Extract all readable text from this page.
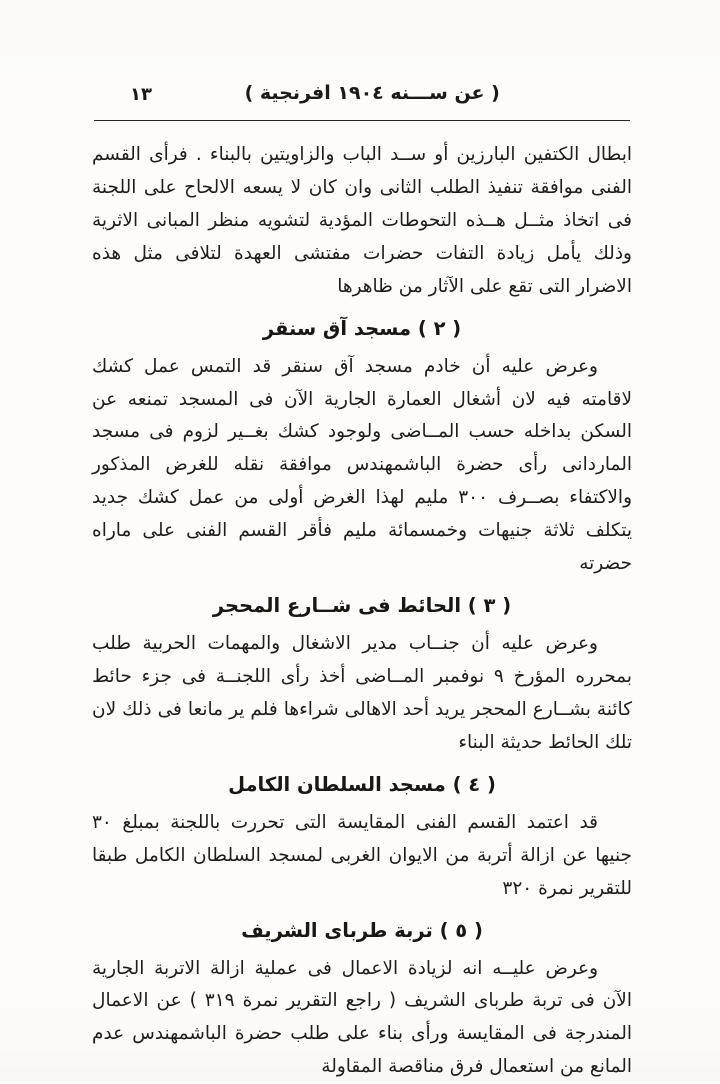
١٣	( عن ســـنه ١٩٠٤ افرنجية )

ابطال الكتفين البارزين أو ســد الباب والزاويتين بالبناء . فرأى القسم الفنى موافقة تنفيذ الطلب الثانى وان كان لا يسعه الالحاح على اللجنة فى اتخاذ مثــل هــذه التحوطات المؤدية لتشويه منظر المبانى الاثرية وذلك يأمل زيادة التفات حضرات مفتشى العهدة لتلافى مثل هذه الاضرار التى تقع على الآثار من ظاهرها

( ٢ ) مسجد آق سنقر

وعرض عليه أن خادم مسجد آق سنقر قد التمس عمل كشك لاقامته فيه لان أشغال العمارة الجارية الآن فى المسجد تمنعه عن السكن بداخله حسب المــاضى ولوجود كشك بغــير لزوم فى مسجد الماردانى رأى حضرة الباشمهندس موافقة نقله للغرض المذكور والاكتفاء بصــرف ٣٠٠ مليم لهذا الغرض أولى من عمل كشك جديد يتكلف ثلاثة جنيهات وخمسمائة مليم فأقر القسم الفنى على ماراه حضرته

( ٣ ) الحائط فى شــارع المحجر

وعرض عليه أن جنــاب مدير الاشغال والمهمات الحربية طلب بمحرره المؤرخ ٩ نوفمبر المــاضى أخذ رأى اللجنــة فى جزء حائط كائنة بشــارع المحجر يريد أحد الاهالى شراءها فلم ير مانعا فى ذلك لان تلك الحائط حديثة البناء

( ٤ ) مسجد السلطان الكامل

قد اعتمد القسم الفنى المقايسة التى تحررت باللجنة بمبلغ ٣٠ جنيها عن ازالة أتربة من الايوان الغربى لمسجد السلطان الكامل طبقا للتقرير نمرة ٣٢٠

( ٥ ) تربة طرباى الشريف

وعرض عليــه انه لزيادة الاعمال فى عملية ازالة الاتربة الجارية الآن فى تربة طرباى الشريف ( راجع التقرير نمرة ٣١٩ ) عن الاعمال المندرجة فى المقايسة ورأى بناء على طلب حضرة الباشمهندس عدم المانع من استعمال فرق مناقصة المقاولة
